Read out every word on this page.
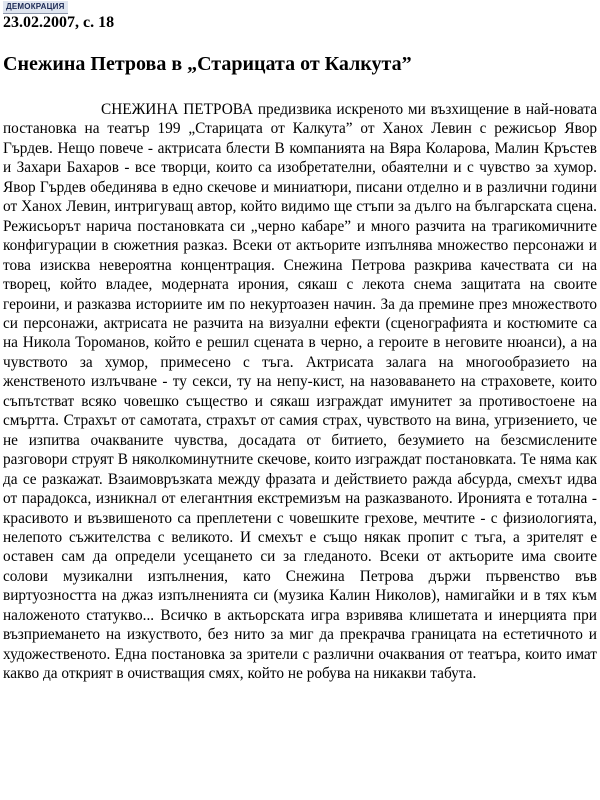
ДЕМОКРАЦИЯ
23.02.2007, с. 18
Снежина Петрова в „Старицата от Калкута”

СНЕЖИНА ПЕТРОВА предизвика искреното ми възхищение в най-новата постановка на театър 199 „Старицата от Калкута” от Ханох Левин с режисьор Явор Гърдев. Нещо повече - актрисата блести В компанията на Вяра Коларова, Малин Кръстев и Захари Бахаров - все творци, които са изобретателни, обаятелни и с чувство за хумор. Явор Гърдев обединява в едно скечове и миниатюри, писани отделно и в различни години от Ханох Левин, интригуващ автор, който видимо ще стъпи за дълго на българската сцена. Режисьорът нарича постановката си „черно кабаре” и много разчита на трагикомичните конфигурации в сюжетния разказ. Всеки от актьорите изпълнява множество персонажи и това изисква невероятна концентрация. Снежина Петрова разкрива качествата си на творец, който владее, модерната ирония, сякаш с лекота снема защитата на своите героини, и разказва историите им по некуртоазен начин. За да премине през множеството си персонажи, актрисата не разчита на визуални ефекти (сценографията и костюмите са на Никола Тороманов, който е решил сцената в черно, а героите в неговите нюанси), а на чувството за хумор, примесено с тъга. Актрисата залага на многообразието на женственото излъчване - ту секси, ту на непу-кист, на назоваването на страховете, които съпътстват всяко човешко същество и сякаш изграждат имунитет за противостоене на смъртта. Страхът от самотата, страхът от самия страх, чувството на вина, угризението, че не изпитва очакваните чувства, досадата от битието, безумието на безсмислените разговори струят В няколкоминутните скечове, които изграждат постановката. Те няма как да се разкажат. Взаимовръзката между фразата и действието ражда абсурда, смехът идва от парадокса, изникнал от елегантния екстремизъм на разказваното. Иронията е тотална - красивото и възвишеното са преплетени с човешките грехове, мечтите - с физиологията, нелепото съжителства с великото. И смехът е също някак пропит с тъга, а зрителят е оставен сам да определи усещането си за гледаното. Всеки от актьорите има своите солови музикални изпълнения, като Снежина Петрова държи първенство във виртуозността на джаз изпълненията си (музика Калин Николов), намигайки и в тях към наложеното статукво... Всичко в актьорската игра взривява клишетата и инерцията при възприемането на изкуството, без нито за миг да прекрачва границата на естетичното и художественото. Една постановка за зрители с различни очаквания от театъра, които имат какво да открият в очистващия смях, който не робува на никакви табута.
